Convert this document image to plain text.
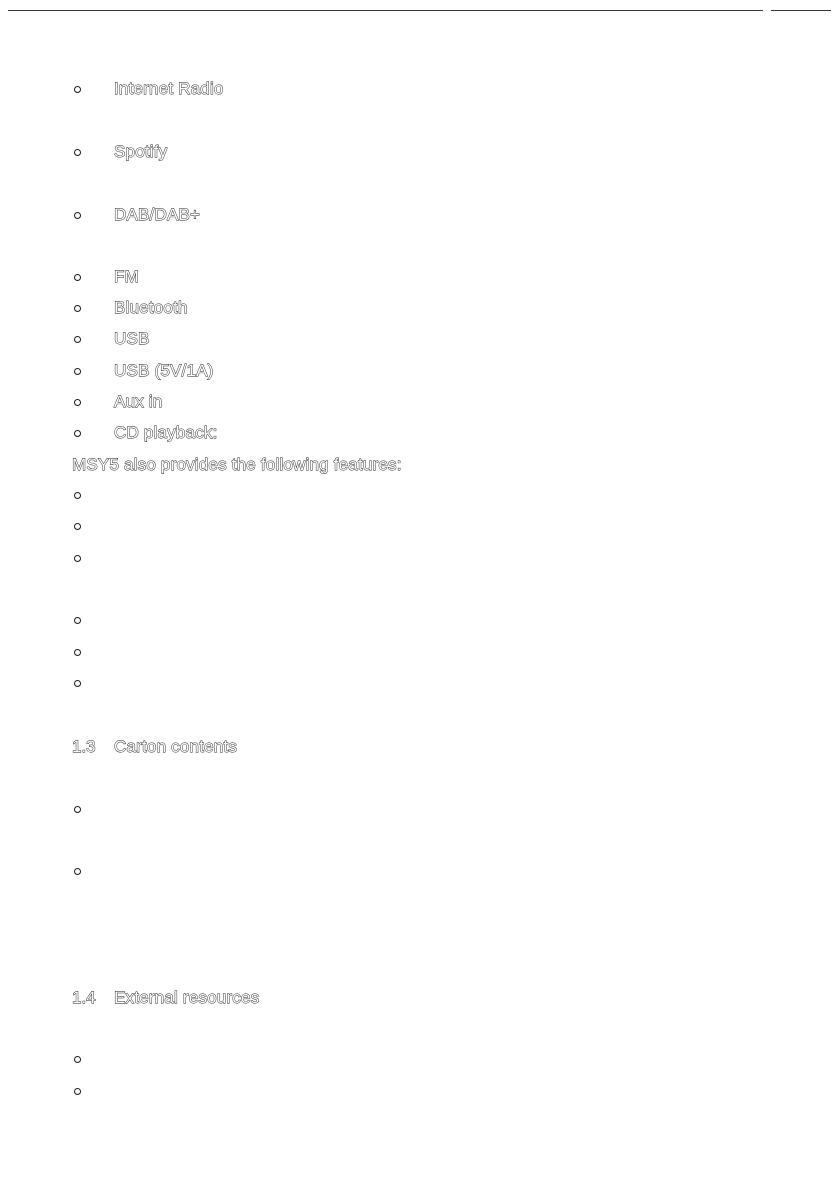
Internet Radio
Spotify
DAB/DAB+
FM
Bluetooth
USB
USB (5V/1A)
Aux in
CD playback:
MSY5 also provides the following features:
1.3 Carton contents
1.4 External resources
